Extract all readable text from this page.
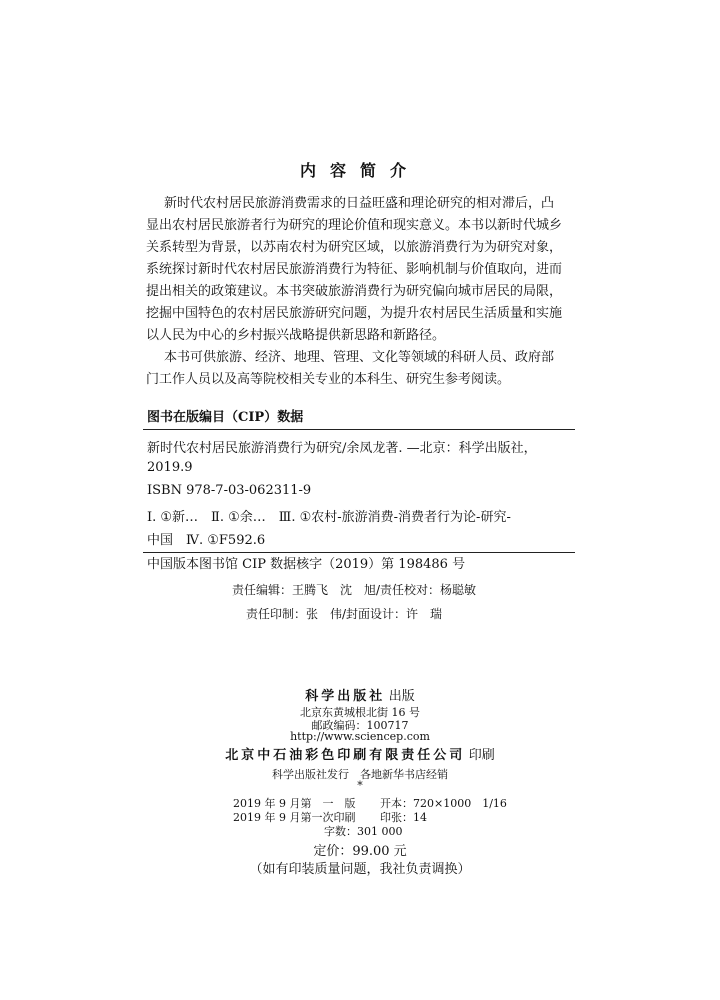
内容简介
新时代农村居民旅游消费需求的日益旺盛和理论研究的相对滞后，凸
显出农村居民旅游者行为研究的理论价值和现实意义。本书以新时代城乡
关系转型为背景，以苏南农村为研究区域，以旅游消费行为为研究对象，
系统探讨新时代农村居民旅游消费行为特征、影响机制与价值取向，进而
提出相关的政策建议。本书突破旅游消费行为研究偏向城市居民的局限，
挖掘中国特色的农村居民旅游研究问题，为提升农村居民生活质量和实施
以人民为中心的乡村振兴战略提供新思路和新路径。
本书可供旅游、经济、地理、管理、文化等领域的科研人员、政府部
门工作人员以及高等院校相关专业的本科生、研究生参考阅读。
图书在版编目（CIP）数据
新时代农村居民旅游消费行为研究/余凤龙著. —北京：科学出版社，
2019.9
ISBN 978-7-03-062311-9
Ⅰ. ①新…　Ⅱ. ①余…　Ⅲ. ①农村-旅游消费-消费者行为论-研究-
中国　Ⅳ. ①F592.6
中国版本图书馆 CIP 数据核字（2019）第 198486 号
责任编辑：王腾飞　沈　旭/责任校对：杨聪敏
责任印制：张　伟/封面设计：许　瑞
科学出版社 出版
北京东黄城根北街 16 号
邮政编码：100717
http://www.sciencep.com
北京中石油彩色印刷有限责任公司 印刷
科学出版社发行　各地新华书店经销
*
2019 年 9 月第　一　版 开本：720×1000　1/16
2019 年 9 月第一次印刷 印张：14
字数：301 000
定价：99.00 元
（如有印装质量问题，我社负责调换）
